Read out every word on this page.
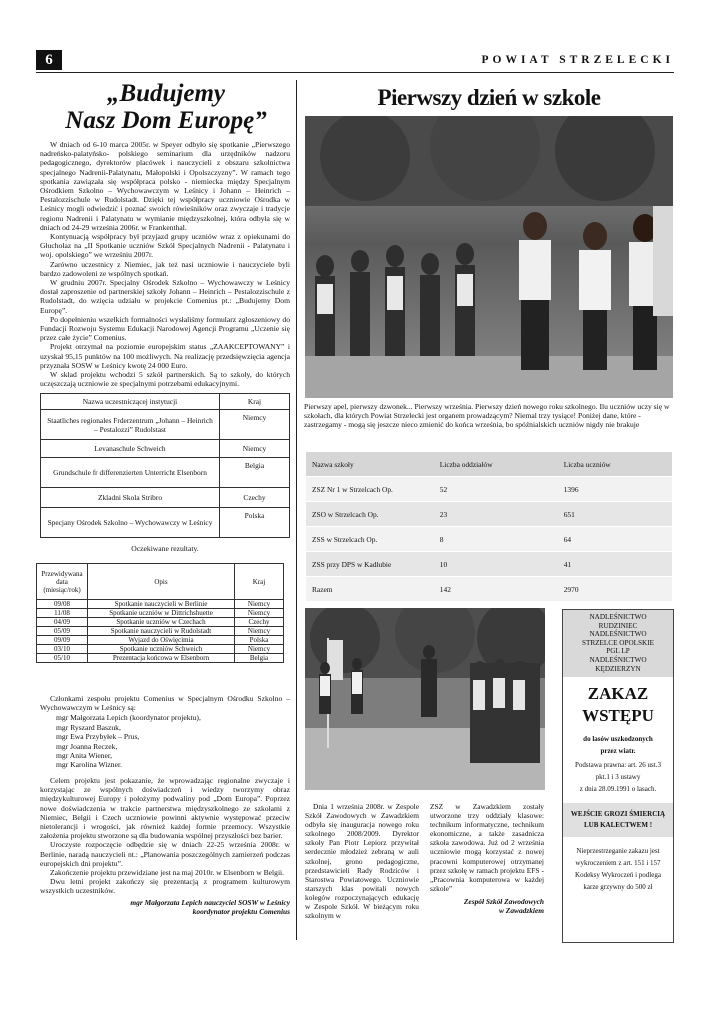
6	POWIAT STRZELECKI
„Budujemy
Nasz Dom Europę”

W dniach od 6-10 marca 2005r. w Speyer odbyło się spotkanie „Pierwszego nadreńsko-palatyńsko- polskiego seminarium dla urzędników nadzoru pedagogicznego, dyrektorów placówek i nauczycieli z obszaru szkolnictwa specjalnego Nadrenii-Palatynatu, Małopolski i Opolszczyzny”. W ramach tego spotkania zawiązała się współpraca polsko - niemiecka między Specjalnym Ośrodkiem Szkolno – Wychowawczym w Leśnicy i Johann – Heinrich – Pestalozzischule w Rudolstadt. Dzięki tej współpracy uczniowie Ośrodka w Leśnicy mogli odwiedzić i poznać swoich rówieśników oraz zwyczaje i tradycje regionu Nadrenii i Palatynatu w wymianie międzyszkolnej, która odbyła się w dniach od 24-29 września 2006r. w Frankenthal.

Kontynuacją współpracy był przyjazd grupy uczniów wraz z opiekunami do Głuchołaz na „II Spotkanie uczniów Szkół Specjalnych Nadrenii - Palatynatu i woj. opolskiego” we wrześniu 2007r.

Zarówno uczestnicy z Niemiec, jak też nasi uczniowie i nauczyciele byli bardzo zadowoleni ze wspólnych spotkań.

W grudniu 2007r. Specjalny Ośrodek Szkolno – Wychowawczy w Leśnicy dostał zaproszenie od partnerskiej szkoły Johann – Heinrich – Pestalozzischule z Rudolstadt, do wzięcia udziału w projekcie Comenius pt.: „Budujemy Dom Europę”.

Po dopełnieniu wszelkich formalności wysłaliśmy formularz zgłoszeniowy do Fundacji Rozwoju Systemu Edukacji Narodowej Agencji Programu „Uczenie się przez całe życie” Comenius.

Projekt otrzymał na poziomie europejskim status „ZAAKCEPTOWANY” i uzyskał 95,15 punktów na 100 możliwych. Na realizację przedsięwzięcia agencja przyznała SOSW w Leśnicy kwotę 24 000 Euro.

W skład projektu wchodzi 5 szkół partnerskich. Są to szkoły, do których uczęszczają uczniowie ze specjalnymi potrzebami edukacyjnymi.

Nazwa uczestniczącej instytucji	Kraj
Staatliches regionales Frderzentrum „Johann – Heinrich – Pestalozzi” Rudolstast	Niemcy
Levanaschule Schweich	Niemcy
Grundschule fr differenzierten Unterricht Elsenborn	Belgia
Zkladni Skola Stribro	Czechy
Specjany Ośrodek Szkolno – Wychowawczy w Leśnicy	Polska
Oczekiwane rezultaty.
Przewidywana data (miesiąc/rok)	Opis	Kraj
09/08	Spotkanie nauczycieli w Berlinie	Niemcy
11/08	Spotkanie uczniów w Dittrichshuette	Niemcy
04/09	Spotkanie uczniów w Czechach	Czechy
05/09	Spotkanie nauczycieli w Rudolstadt	Niemcy
09/09	Wyjazd do Oświęcimia	Polska
03/10	Spotkanie uczniów Schweich	Niemcy
05/10	Prezentacja końcowa w Elsenborn	Belgia

Członkami zespołu projektu Comenius w Specjalnym Ośrodku Szkolno – Wychowawczym w Leśnicy są:

mgr Małgorzata Lepich (koordynator projektu),
mgr Ryszard Baszuk,
mgr Ewa Przybyłek – Prus,
mgr Joanna Reczek,
mgr Anita Wiener,
mgr Karolina Wizner.

Celem projektu jest pokazanie, że wprowadzając regionalne zwyczaje i korzystając ze wspólnych doświadczeń i wiedzy tworzymy obraz międzykulturowej Europy i położymy podwaliny pod „Dom Europa”. Poprzez nowe doświadczenia w trakcie partnerstwa międzyszkolnego ze szkołami z Niemiec, Belgii i Czech uczniowie powinni aktywnie występować przeciw nietolerancji i wrogości, jak również każdej formie przemocy. Wszystkie założenia projektu stworzone są dla budowania wspólnej przyszłości bez barier.

Uroczyste rozpoczęcie odbędzie się w dniach 22-25 września 2008r. w Berlinie, naradą nauczycieli nt.: „Planowania poszczególnych zamierzeń podczas europejskich dni projektu”.

Zakończenie projektu przewidziane jest na maj 2010r. w Elsenborn w Belgii.

Dwu letni projekt zakończy się prezentacją z programem kulturowym wszystkich uczestników.

mgr Małgorzata Lepich nauczyciel SOSW w Leśnicy
koordynator projektu Comenius
Pierwszy dzień w szkole
Pierwszy apel, pierwszy dzwonek... Pierwszy września. Pierwszy dzień nowego roku szkolnego. Ilu uczniów uczy się w szkołach, dla których Powiat Strzelecki jest organem prowadzącym? Niemal trzy tysiące! Poniżej dane, które - zastrzegamy - mogą się jeszcze nieco zmienić do końca września, bo spóźnialskich uczniów nigdy nie brakuje
Nazwa szkoły	Liczba oddziałów	Liczba uczniów
ZSZ Nr 1 w Strzelcach Op.	52	1396
ZSO w Strzelcach Op.	23	651
ZSS w Strzelcach Op.	8	64
ZSS przy DPS w Kadłubie	10	41
Razem	142	2970
Dnia 1 września 2008r. w Zespole Szkół Zawodowych w Zawadzkiem odbyła się inauguracja nowego roku szkolnego 2008/2009. Dyrektor szkoły Pan Piotr Lepiorz przywitał serdecznie młodzież zebraną w auli szkolnej, grono pedagogiczne, przedstawicieli Rady Rodziców i Starostwa Powiatowego. Uczniowie starszych klas powitali nowych kolegów rozpoczynających edukację w Zespole Szkół. W bieżącym roku szkolnym w
ZSZ w Zawadzkiem zostały utworzone trzy oddziały klasowe: technikum informatyczne, technikum ekonomiczne, a także zasadnicza szkoła zawodowa. Już od 2 września uczniowie mogą korzystać z nowej pracowni komputerowej otrzymanej przez szkołę w ramach projektu EFS - „Pracownia komputerowa w każdej szkole”
Zespół Szkół Zawodowych
w Zawadzkiem
NADLEŚNICTWO
RUDZINIEC
NADLEŚNICTWO
STRZELCE OPOLSKIE
PGL LP
NADLEŚNICTWO
KĘDZIERZYN
ZAKAZ
WSTĘPU
do lasów uszkodzonych
przez wiatr.
Podstawa prawna: art. 26 ust.3
pkt.1 i 3 ustawy
z dnia 28.09.1991 o lasach.
WEJŚCIE GROZI ŚMIERCIĄ
LUB KALECTWEM !
Nieprzestrzeganie zakazu jest wykroczeniem z art. 151 i 157 Kodeksy Wykroczeń i podlega karze grzywny do 500 zł
